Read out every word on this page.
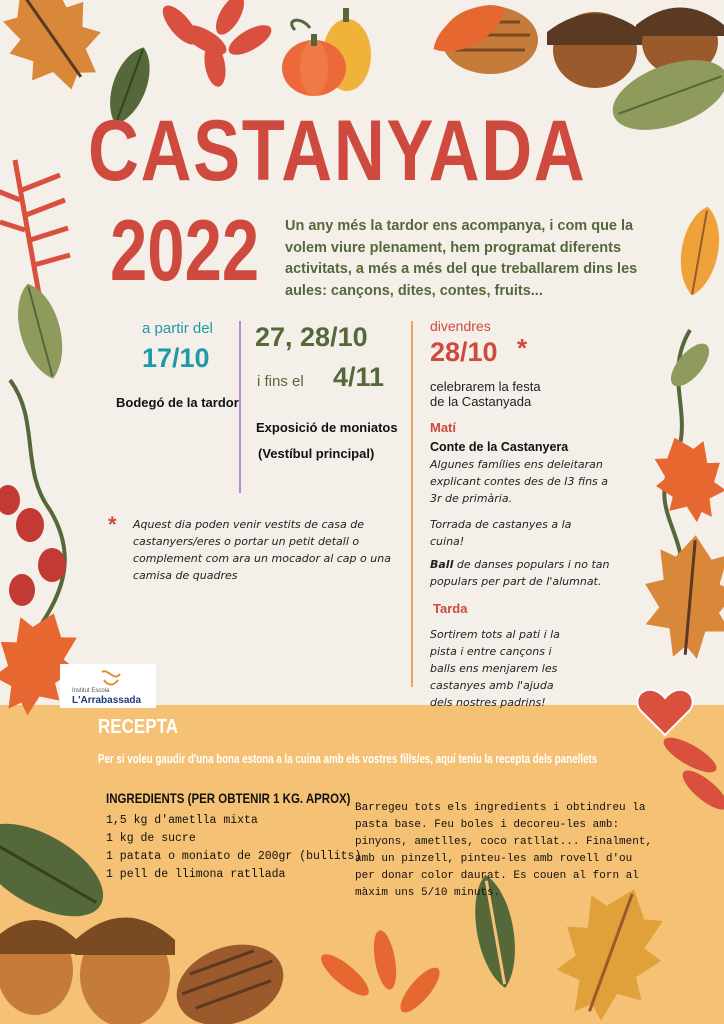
CASTANYADA
2022	Un any més la tardor ens acompanya, i com que la volem viure plenament, hem programat diferents activitats, a més a més del que treballarem dins les aules: cançons, dites, contes, fruits...
a partir del
17/10
Bodegó de la tardor
27, 28/10
i fins el 4/11
Exposició de moniatos
(Vestíbul principal)
divendres
28/10 *
celebrarem la festa
de la Castanyada
Matí
Conte de la Castanyera
Algunes famílies ens deleitaran explicant contes des de I3 fins a 3r de primària.
Torrada de castanyes a la cuina!
Ball de danses populars i no tan populars per part de l'alumnat.
Tarda
Sortirem tots al pati i la pista i entre cançons i balls ens menjarem les castanyes amb l'ajuda dels nostres padrins!
* Aquest dia poden venir vestits de casa de castanyers/eres o portar un petit detall o complement com ara un mocador al cap o una camisa de quadres
Institut Escola
L'Arrabassada
RECEPTA
Per si voleu gaudir d'una bona estona a la cuina amb els vostres fills/es, aquí teniu la recepta dels panellets
INGREDIENTS (PER OBTENIR 1 KG. APROX)
1,5 kg d'ametlla mixta
1 kg de sucre
1 patata o moniato de 200gr (bullits)
1 pell de llimona ratllada
Barregeu tots els ingredients i obtindreu la pasta base. Feu boles i decoreu-les amb: pinyons, ametlles, coco ratllat... Finalment, amb un pinzell, pinteu-les amb rovell d'ou per donar color daurat. Es couen al forn al màxim uns 5/10 minuts.
